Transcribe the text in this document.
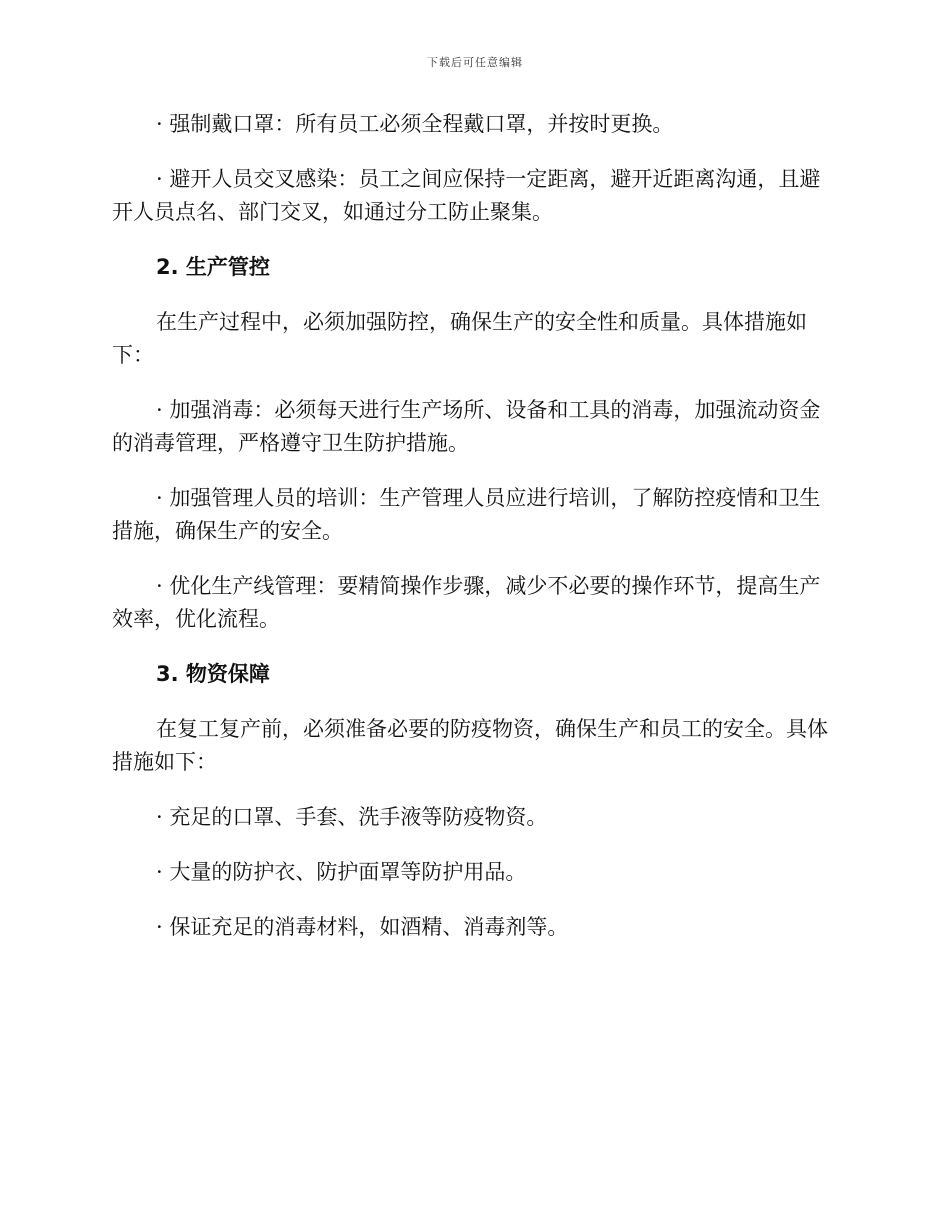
下载后可任意编辑

· 强制戴口罩：所有员工必须全程戴口罩，并按时更换。

· 避开人员交叉感染：员工之间应保持一定距离，避开近距离沟通，且避开人员点名、部门交叉，如通过分工防止聚集。

2. 生产管控

在生产过程中，必须加强防控，确保生产的安全性和质量。具体措施如下：

· 加强消毒：必须每天进行生产场所、设备和工具的消毒，加强流动资金的消毒管理，严格遵守卫生防护措施。

· 加强管理人员的培训：生产管理人员应进行培训，了解防控疫情和卫生措施，确保生产的安全。

· 优化生产线管理：要精简操作步骤，减少不必要的操作环节，提高生产效率，优化流程。

3. 物资保障

在复工复产前，必须准备必要的防疫物资，确保生产和员工的安全。具体措施如下：

· 充足的口罩、手套、洗手液等防疫物资。

· 大量的防护衣、防护面罩等防护用品。

· 保证充足的消毒材料，如酒精、消毒剂等。
